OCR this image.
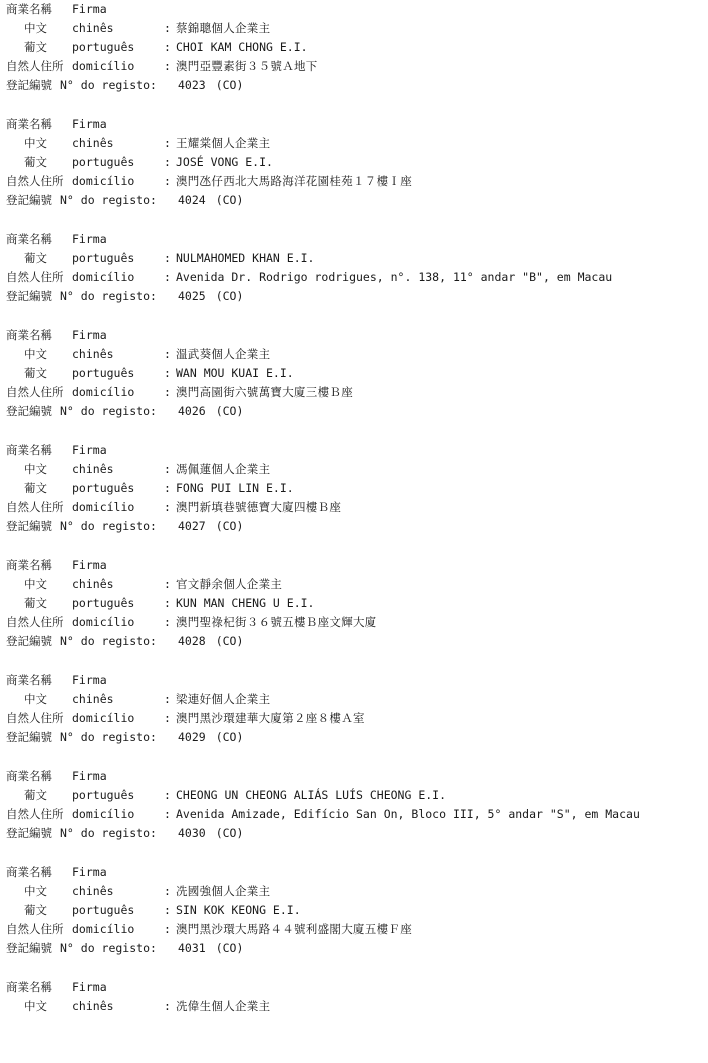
商業名稱	Firma
中文	chinês	: 蔡錦聰個人企業主
葡文	português	: CHOI KAM CHONG E.I.
自然人住所 domicílio	: 澳門亞豐素街３５號Ａ地下
登記編號 N° do registo:	4023 (CO)
商業名稱	Firma
中文	chinês	: 王耀棠個人企業主
葡文	português	: JOSÉ VONG E.I.
自然人住所 domicílio	: 澳門氹仔西北大馬路海洋花園桂苑１７樓Ｉ座
登記編號 N° do registo:	4024 (CO)
商業名稱	Firma
葡文	português	: NULMAHOMED KHAN E.I.
自然人住所 domicílio	: Avenida Dr. Rodrigo rodrigues, n°. 138, 11° andar "B", em Macau
登記編號 N° do registo:	4025 (CO)
商業名稱	Firma
中文	chinês	: 溫武葵個人企業主
葡文	português	: WAN MOU KUAI E.I.
自然人住所 domicílio	: 澳門高園街六號萬寶大廈三樓Ｂ座
登記編號 N° do registo:	4026 (CO)
商業名稱	Firma
中文	chinês	: 馮佩蓮個人企業主
葡文	português	: FONG PUI LIN E.I.
自然人住所 domicílio	: 澳門新填巷號德寶大廈四樓Ｂ座
登記編號 N° do registo:	4027 (CO)
商業名稱	Firma
中文	chinês	: 官文靜余個人企業主
葡文	português	: KUN MAN CHENG U E.I.
自然人住所 domicílio	: 澳門聖祿杞街３６號五樓Ｂ座文輝大廈
登記編號 N° do registo:	4028 (CO)
商業名稱	Firma
中文	chinês	: 梁連好個人企業主
自然人住所 domicílio	: 澳門黑沙環建華大廈第２座８樓Ａ室
登記編號 N° do registo:	4029 (CO)
商業名稱	Firma
葡文	português	: CHEONG UN CHEONG ALIÁS LUÍS CHEONG E.I.
自然人住所 domicílio	: Avenida Amizade, Edifício San On, Bloco III, 5° andar "S", em Macau
登記編號 N° do registo:	4030 (CO)
商業名稱	Firma
中文	chinês	: 冼國強個人企業主
葡文	português	: SIN KOK KEONG E.I.
自然人住所 domicílio	: 澳門黑沙環大馬路４４號利盛閣大廈五樓Ｆ座
登記編號 N° do registo:	4031 (CO)
商業名稱	Firma
中文	chinês	: 冼偉生個人企業主
